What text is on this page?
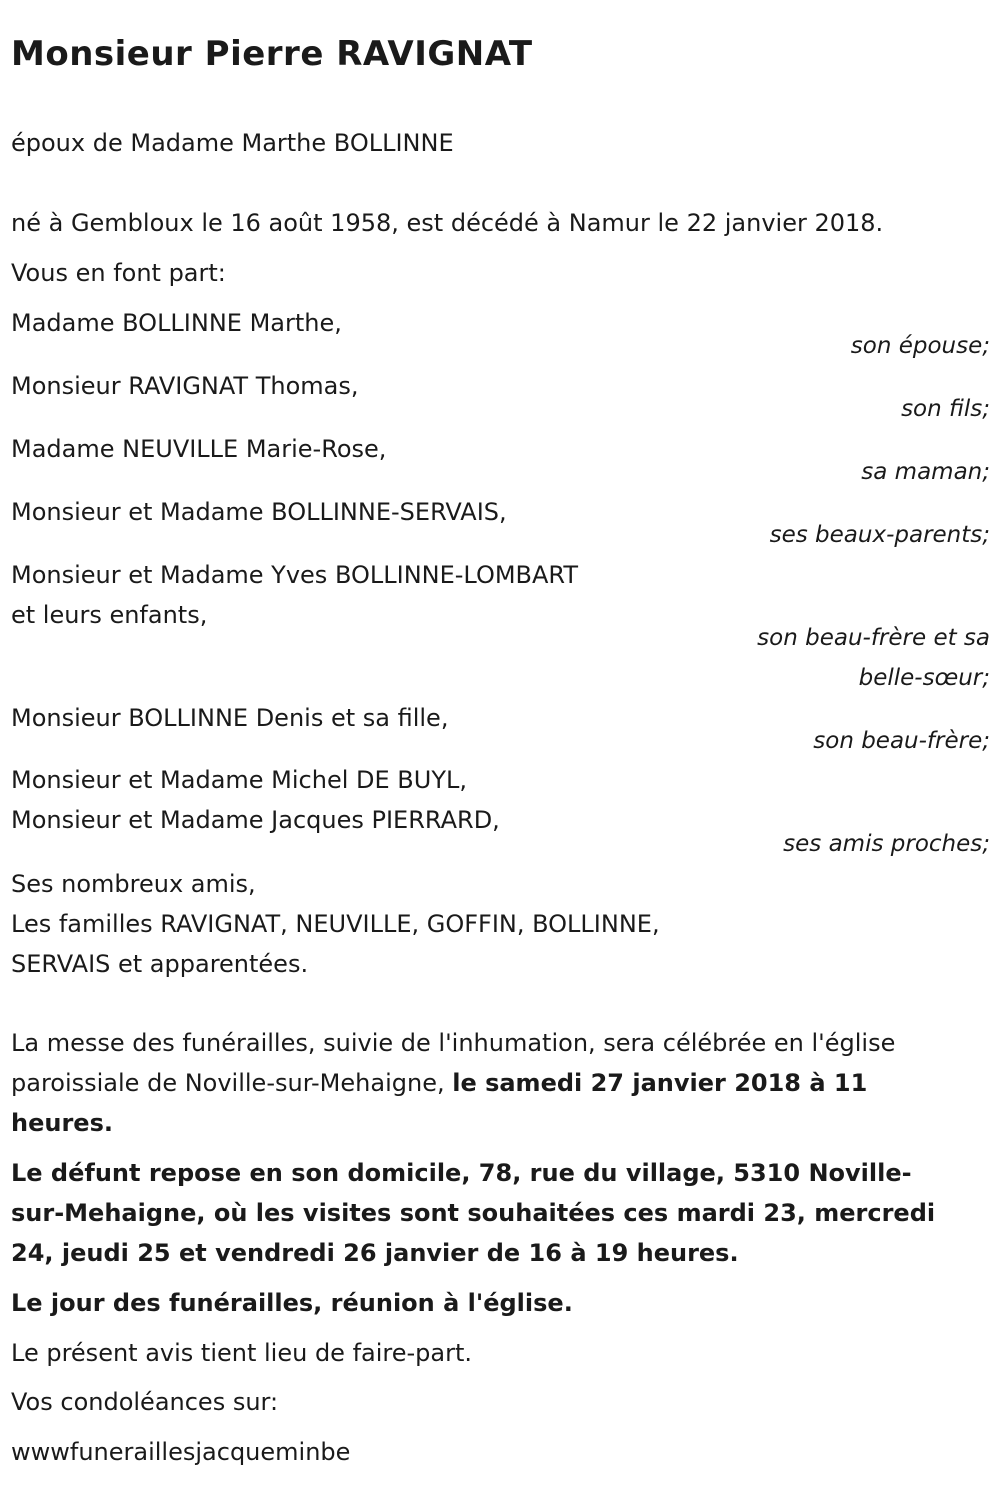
Monsieur Pierre RAVIGNAT

époux de Madame Marthe BOLLINNE

né à Gembloux le 16 août 1958, est décédé à Namur le 22 janvier 2018.

Vous en font part:

Madame BOLLINNE Marthe,

son épouse;

Monsieur RAVIGNAT Thomas,

son fils;

Madame NEUVILLE Marie-Rose,

sa maman;

Monsieur et Madame BOLLINNE-SERVAIS,

ses beaux-parents;

Monsieur et Madame Yves BOLLINNE-LOMBART

et leurs enfants,

son beau-frère et sa
belle-sœur;

Monsieur BOLLINNE Denis et sa fille,

son beau-frère;

Monsieur et Madame Michel DE BUYL,

Monsieur et Madame Jacques PIERRARD,

ses amis proches;

Ses nombreux amis,

Les familles RAVIGNAT, NEUVILLE, GOFFIN, BOLLINNE,

SERVAIS et apparentées.

La messe des funérailles, suivie de l'inhumation, sera célébrée en l'église

paroissiale de Noville-sur-Mehaigne, le samedi 27 janvier 2018 à 11

heures.

Le défunt repose en son domicile, 78, rue du village, 5310 Noville-

sur-Mehaigne, où les visites sont souhaitées ces mardi 23, mercredi

24, jeudi 25 et vendredi 26 janvier de 16 à 19 heures.

Le jour des funérailles, réunion à l'église.

Le présent avis tient lieu de faire-part.

Vos condoléances sur:

wwwfuneraillesjacqueminbe
